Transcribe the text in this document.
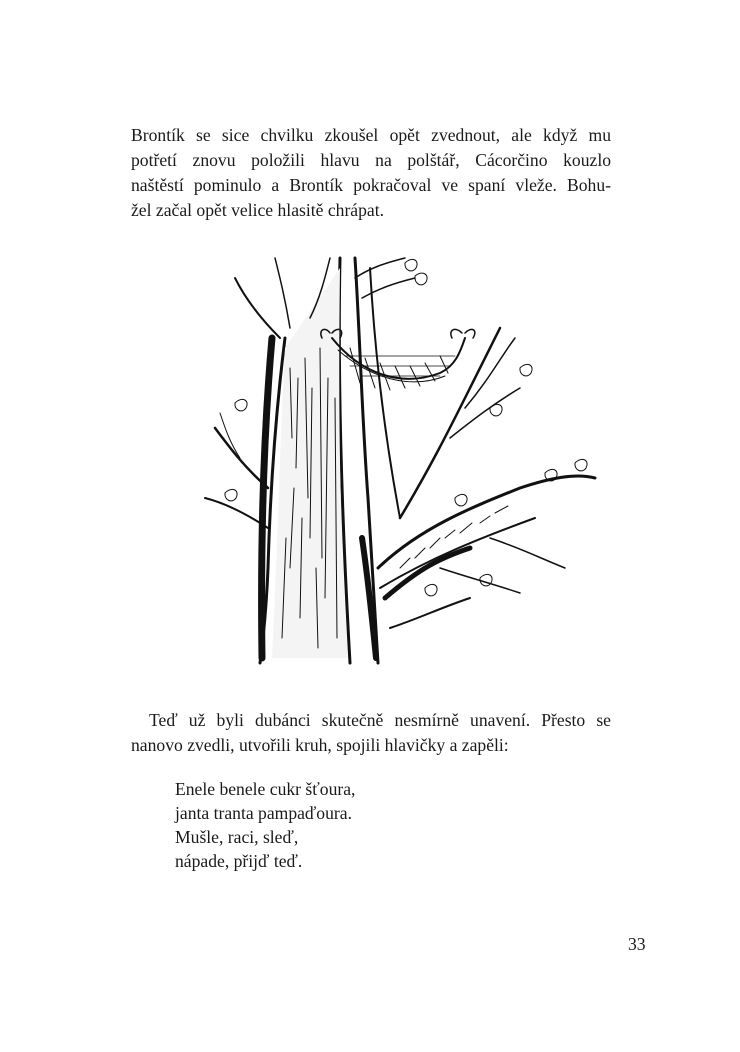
Brontík se sice chvilku zkoušel opět zvednout, ale když mu
potřetí znovu položili hlavu na polštář, Cácorčino kouzlo
naštěstí pominulo a Brontík pokračoval ve spaní vleže. Bohu-
žel začal opět velice hlasitě chrápat.

Teď už byli dubánci skutečně nesmírně unavení. Přesto se
nanovo zvedli, utvořili kruh, spojili hlavičky a zapěli:

Enele benele cukr šťoura,
janta tranta pampaďoura.
Mušle, raci, sleď,
nápade, přijď teď.

33
